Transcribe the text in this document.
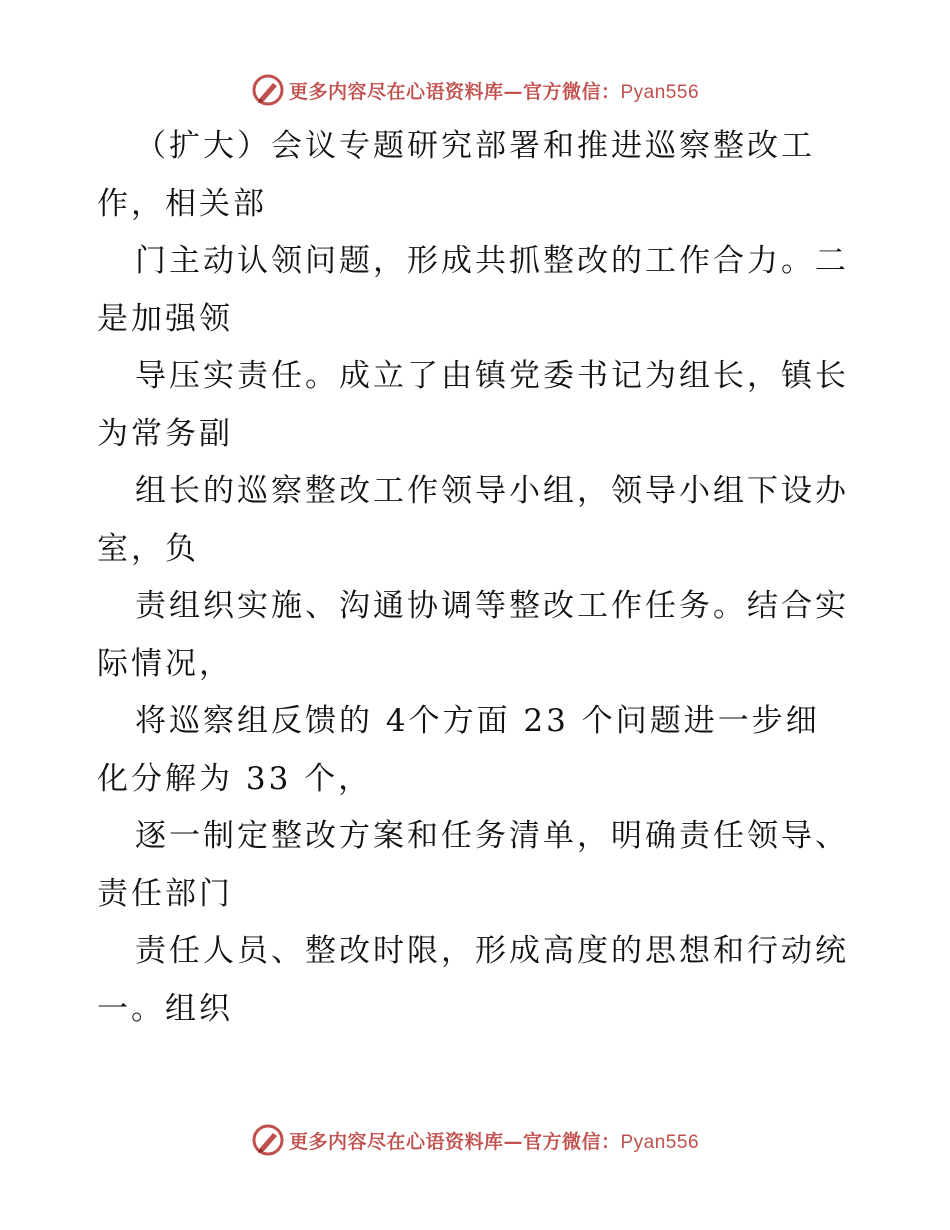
更多内容尽在心语资料库—官方微信：Pyan556
（扩大）会议专题研究部署和推进巡察整改工
作，相关部
门主动认领问题，形成共抓整改的工作合力。二
是加强领
导压实责任。成立了由镇党委书记为组长，镇长
为常务副
组长的巡察整改工作领导小组，领导小组下设办
室，负
责组织实施、沟通协调等整改工作任务。结合实
际情况，
将巡察组反馈的 4个方面 23 个问题进一步细
化分解为 33 个，
逐一制定整改方案和任务清单，明确责任领导、
责任部门
责任人员、整改时限，形成高度的思想和行动统
一。组织
更多内容尽在心语资料库—官方微信：Pyan556
